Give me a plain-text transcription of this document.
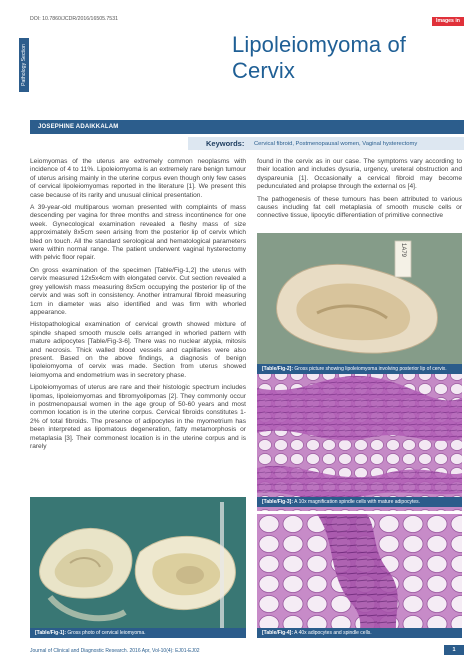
DOI: 10.7860/JCDR/2016/16505.7531	Images in Medicine
Pathology Section	Lipoleiomyoma of Cervix
JOSEPHINE ADAIKKALAM
Keywords: Cervical fibroid, Postmenopausal women, Vaginal hysterectomy

Leiomyomas of the uterus are extremely common neoplasms with incidence of 4 to 11%. Lipoleiomyoma is an extremely rare benign tumour of uterus arising mainly in the uterine corpus even though only few cases of cervical lipoleiomyomas reported in the literature [1]. We present this case because of its rarity and unusual clinical presentation.

A 39-year-old multiparous woman presented with complaints of mass descending per vagina for three months and stress incontinence for one week. Gynecological examination revealed a fleshy mass of size approximately 8x5cm seen arising from the posterior lip of cervix which bled on touch. All the standard serological and hematological parameters were within normal range. The patient underwent vaginal hysterectomy with pelvic floor repair.

On gross examination of the specimen [Table/Fig-1,2] the uterus with cervix measured 12x5x4cm with elongated cervix. Cut section revealed a grey yellowish mass measuring 8x5cm occupying the posterior lip of the cervix and was soft in consistency. Another intramural fibroid measuring 1cm in diameter was also identified and was firm with whorled appearance.

Histopathological examination of cervical growth showed mixture of spindle shaped smooth muscle cells arranged in whorled pattern with mature adipocytes [Table/Fig-3-6]. There was no nuclear atypia, mitosis and necrosis. Thick walled blood vessels and capillaries were also present. Based on the above findings, a diagnosis of benign lipoleiomyoma of cervix was made. Section from uterus showed leiomyoma and endometrium was in secretory phase.

Lipoleiomyomas of uterus are rare and their histologic spectrum includes lipomas, lipoleiomyomas and fibromyolipomas [2]. They commonly occur in postmenopausal women in the age group of 50-60 years and most common location is in the uterine corpus. Cervical fibroids constitutes 1-2% of total fibroids. The presence of adipocytes in the myometrium has been interpreted as lipomatous degeneration, fatty metamorphosis or metaplasia [3]. Their commonest location is in the uterine corpus and is rarely

found in the cervix as in our case. The symptoms vary according to their location and includes dysuria, urgency, ureteral obstruction and dyspareunia [1]. Occasionally a cervical fibroid may become pedunculated and prolapse through the external os [4].

The pathogenesis of these tumours has been attributed to various causes including fat cell metaplasia of smooth muscle cells or connective tissue, lipocytic differentiation of primitive connective

1A79
[Table/Fig-1]: Gross photo of cervical leiomyoma.
[Table/Fig-2]: Gross picture showing lipoleiomyoma involving posterior lip of cervix.
[Table/Fig-3]: A 10x magnification spindle cells with mature adipocytes.
[Table/Fig-4]: A 40x adipocytes and spindle cells.
Journal of Clinical and Diagnostic Research. 2016 Apr, Vol-10(4): EJ01-EJ02	1
